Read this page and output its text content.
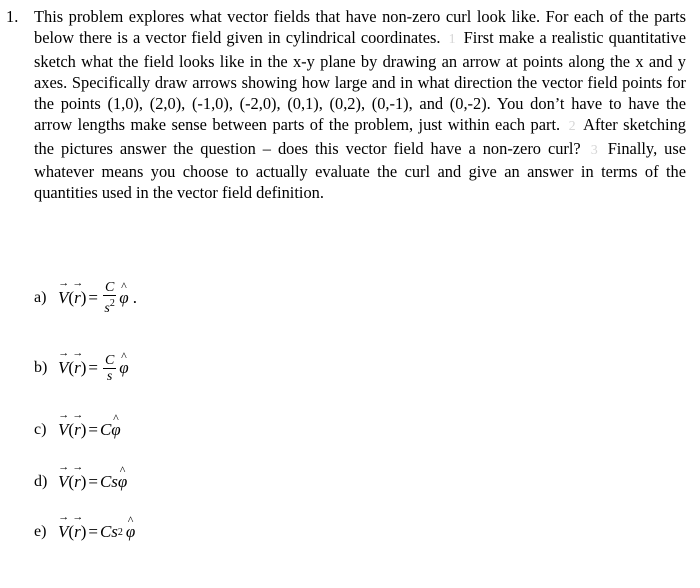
1. This problem explores what vector fields that have non-zero curl look like. For each of the parts below there is a vector field given in cylindrical coordinates. 1 First make a realistic quantitative sketch what the field looks like in the x-y plane by drawing an arrow at points along the x and y axes. Specifically draw arrows showing how large and in what direction the vector field points for the points (1,0), (2,0), (-1,0), (-2,0), (0,1), (0,2), (0,-1), and (0,-2). You don’t have to have the arrow lengths make sense between parts of the problem, just within each part. 2 After sketching the pictures answer the question – does this vector field have a non-zero curl? 3 Finally, use whatever means you choose to actually evaluate the curl and give an answer in terms of the quantities used in the vector field definition.

a) → V ( → r ) = $\frac{C}{s^2}$ ^ φ .
b) → V ( → r ) = $\frac{C}{s}$ ^ φ
c) → V ( → r ) = C ^ φ
d) → V ( → r ) = Cs ^ φ
e) → V ( → r ) = Cs 2 ^ φ
